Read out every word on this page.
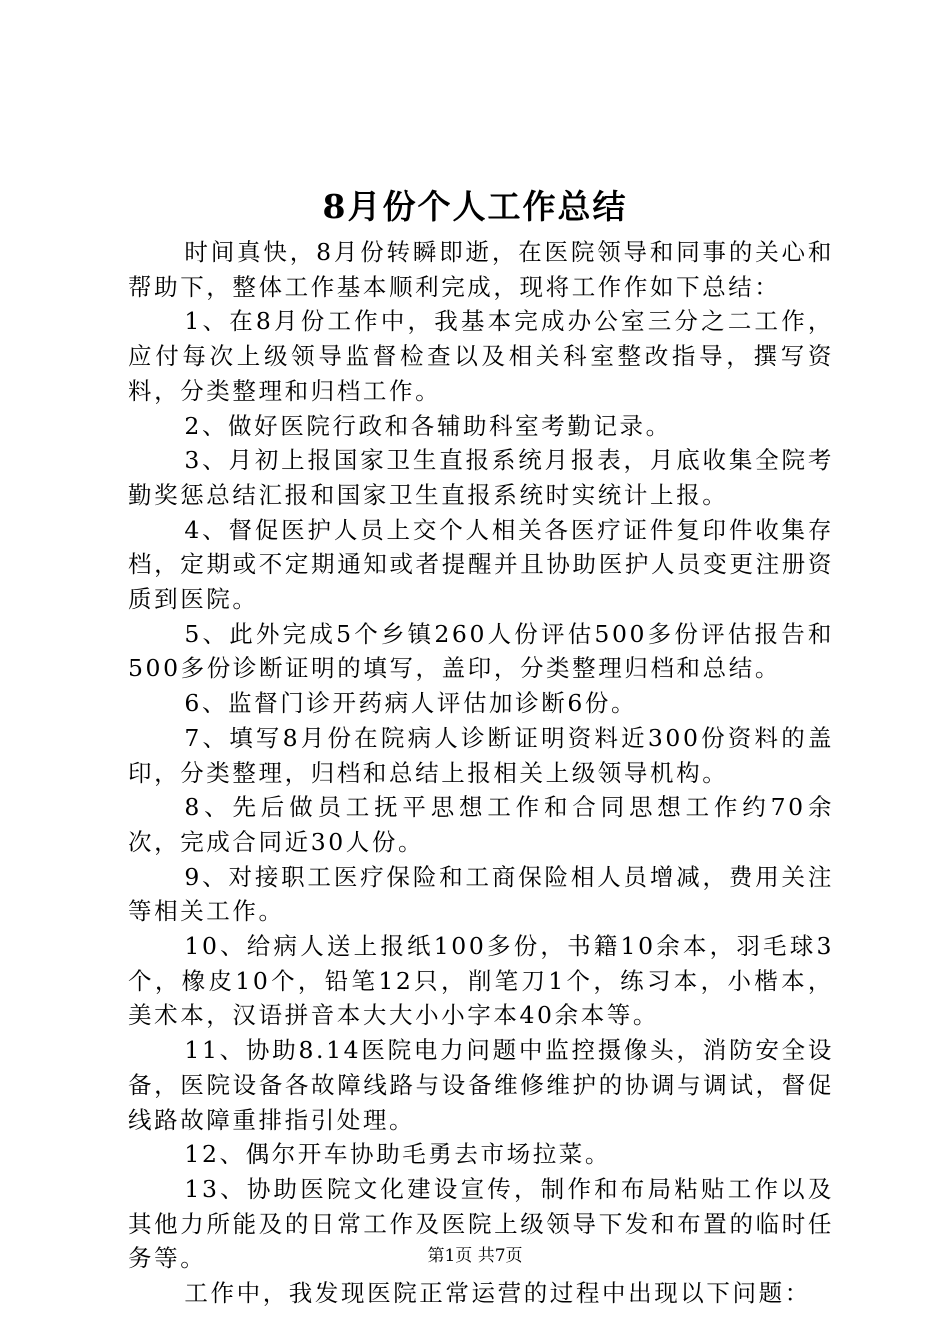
8月份个人工作总结

时间真快，8月份转瞬即逝，在医院领导和同事的关心和帮助下，整体工作基本顺利完成，现将工作作如下总结：

1、在8月份工作中，我基本完成办公室三分之二工作，应付每次上级领导监督检查以及相关科室整改指导，撰写资料，分类整理和归档工作。

2、做好医院行政和各辅助科室考勤记录。

3、月初上报国家卫生直报系统月报表，月底收集全院考勤奖惩总结汇报和国家卫生直报系统时实统计上报。

4、督促医护人员上交个人相关各医疗证件复印件收集存档，定期或不定期通知或者提醒并且协助医护人员变更注册资质到医院。

5、此外完成5个乡镇260人份评估500多份评估报告和500多份诊断证明的填写，盖印，分类整理归档和总结。

6、监督门诊开药病人评估加诊断6份。

7、填写8月份在院病人诊断证明资料近300份资料的盖印，分类整理，归档和总结上报相关上级领导机构。

8、先后做员工抚平思想工作和合同思想工作约70余次，完成合同近30人份。

9、对接职工医疗保险和工商保险相人员增减，费用关注等相关工作。

10、给病人送上报纸100多份，书籍10余本，羽毛球3个，橡皮10个，铅笔12只，削笔刀1个，练习本，小楷本，美术本，汉语拼音本大大小小字本40余本等。

11、协助8.14医院电力问题中监控摄像头，消防安全设备，医院设备各故障线路与设备维修维护的协调与调试，督促线路故障重排指引处理。

12、偶尔开车协助毛勇去市场拉菜。

13、协助医院文化建设宣传，制作和布局粘贴工作以及其他力所能及的日常工作及医院上级领导下发和布置的临时任务等。

工作中，我发现医院正常运营的过程中出现以下问题：

第1页 共7页
